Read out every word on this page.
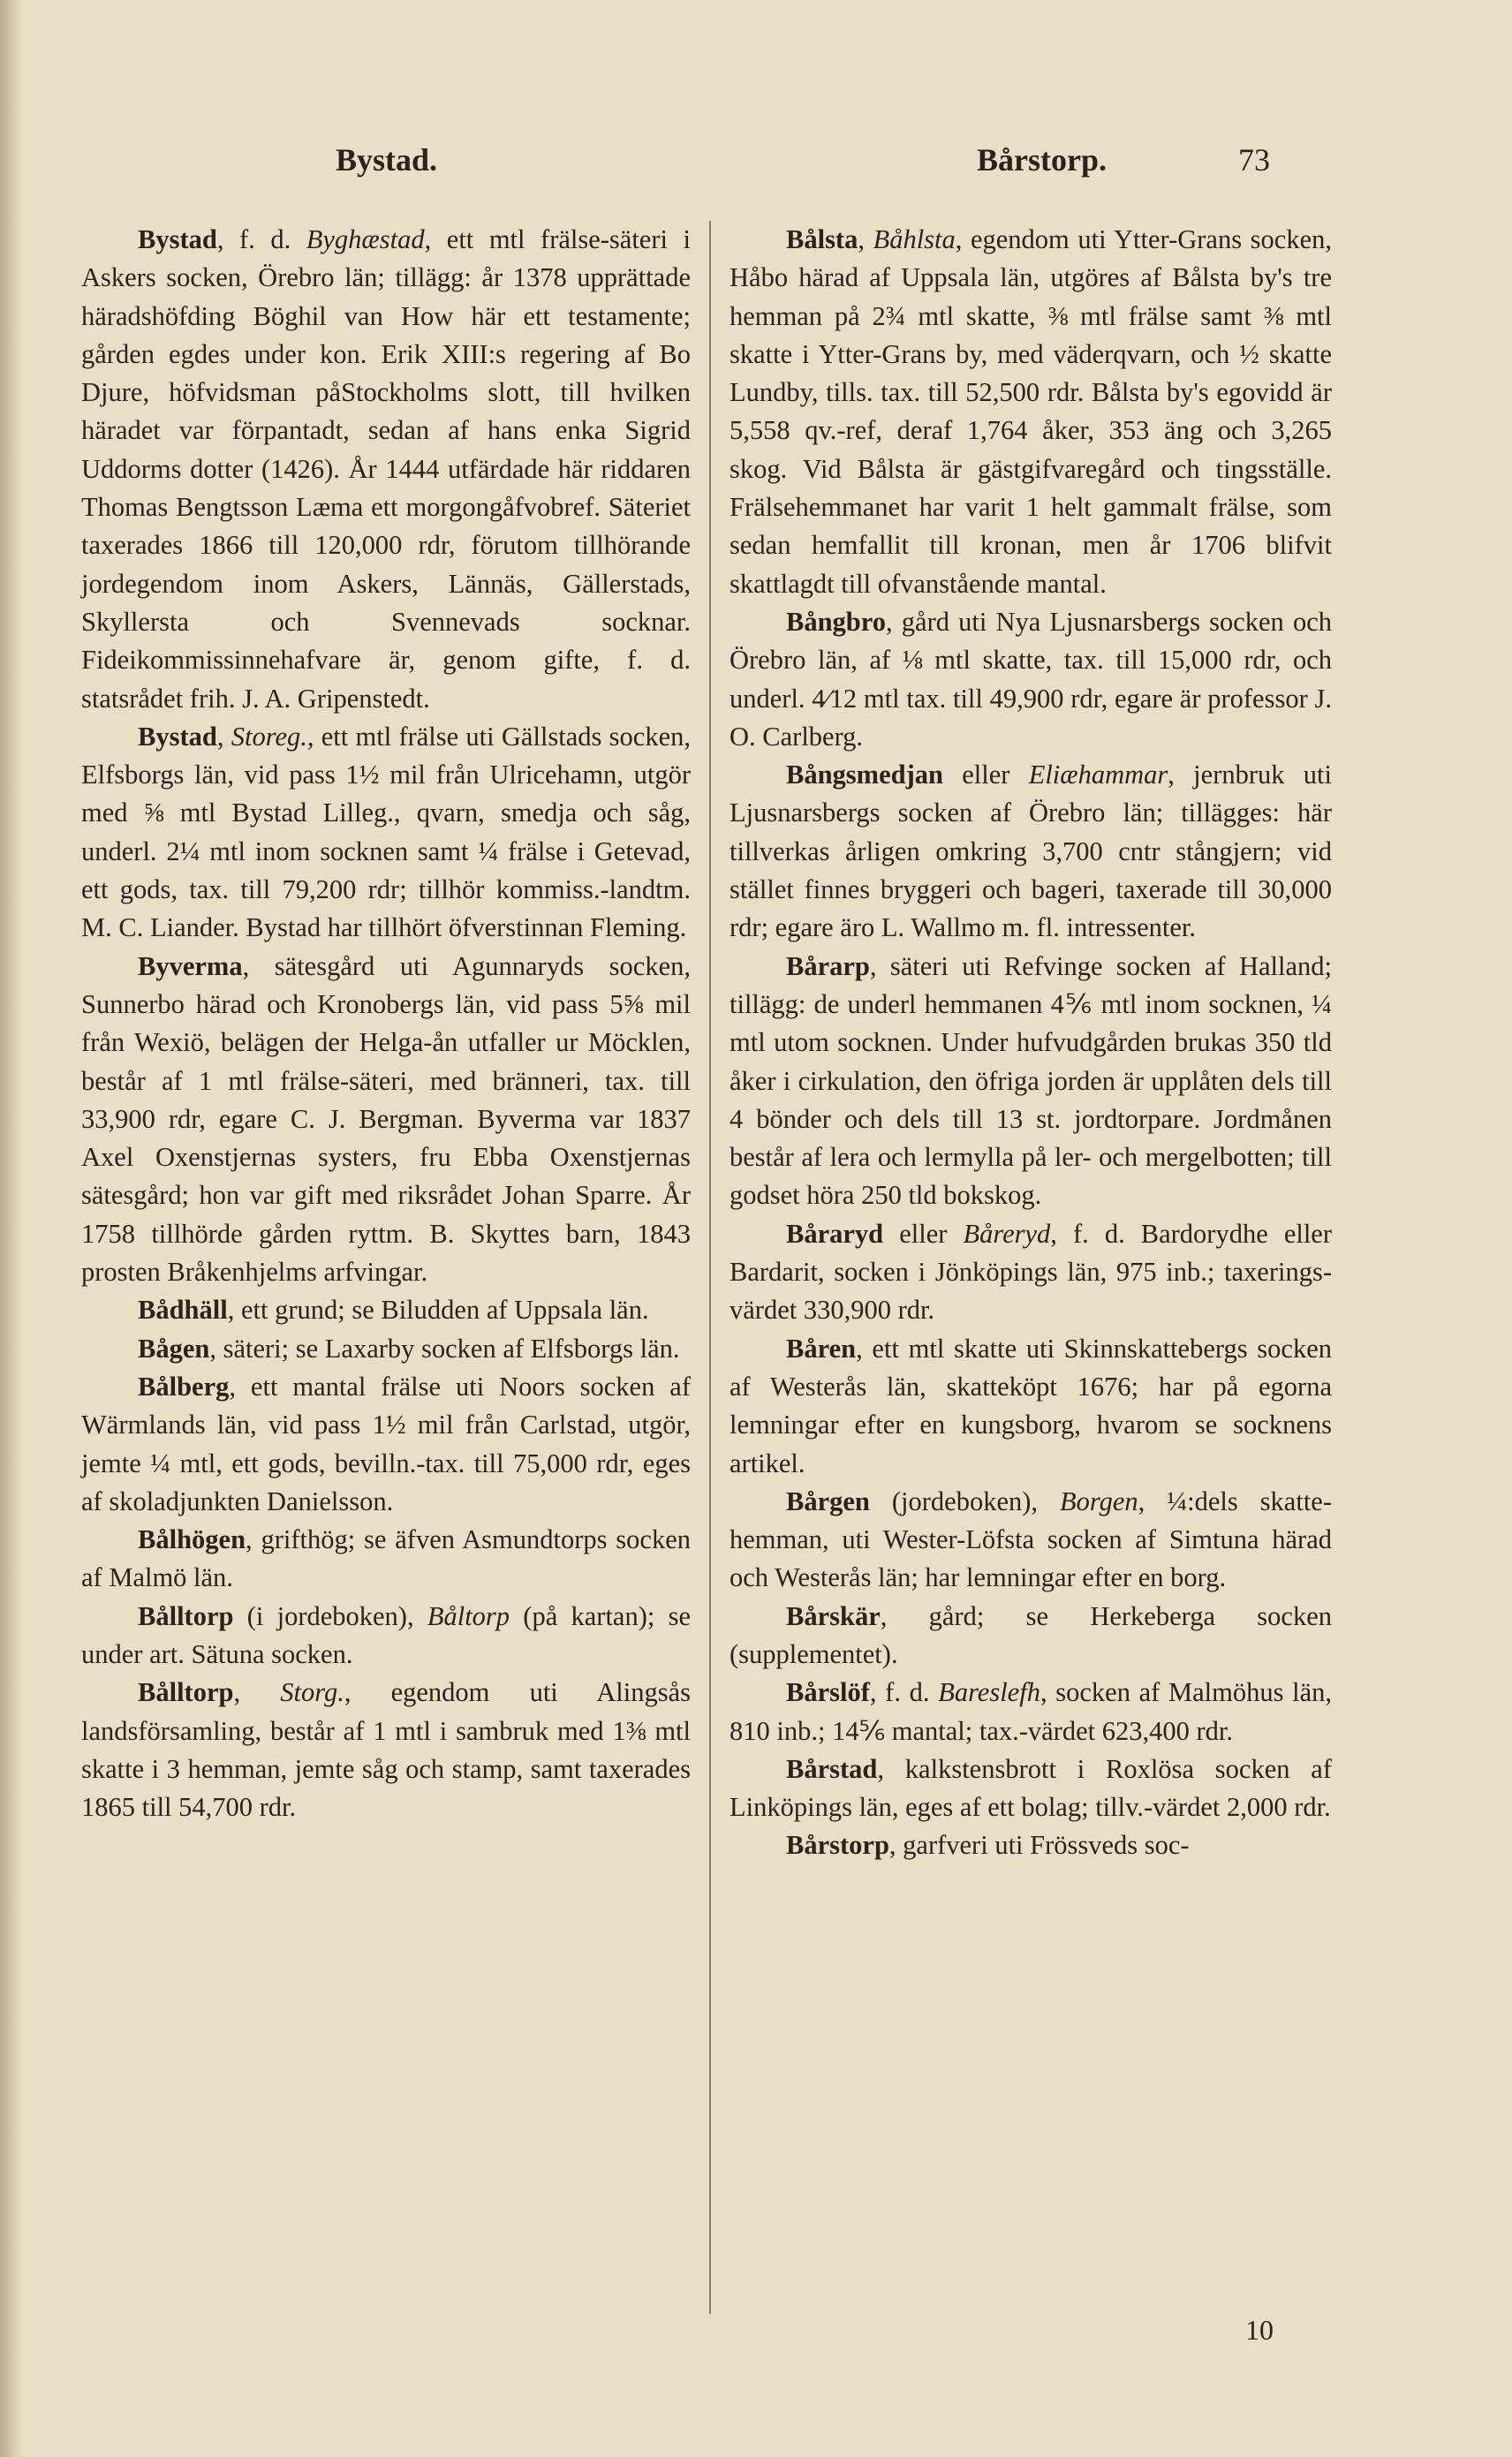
Bystad.	Bårstorp.	73

Bystad, f. d. Byghæstad, ett mtl frälse-säteri i Askers socken, Örebro län; tillägg: år 1378 upprättade häradshöfding Böghil van How här ett testamente; gården egdes under kon. Erik XIII:s regering af Bo Djure, höfvidsman påStockholms slott, till hvilken häradet var förpantadt, sedan af hans enka Sigrid Uddorms dotter (1426). År 1444 utfärdade här riddaren Thomas Bengtsson Læma ett morgongåfvobref. Säteriet taxerades 1866 till 120,000 rdr, förutom tillhörande jordegendom inom Askers, Lännäs, Gällerstads, Skyllersta och Svennevads socknar. Fideikommissinnehafvare är, genom gifte, f. d. statsrådet frih. J. A. Gripenstedt.

Bystad, Storeg., ett mtl frälse uti Gällstads socken, Elfsborgs län, vid pass 1½ mil från Ulricehamn, utgör med ⅝ mtl Bystad Lilleg., qvarn, smedja och såg, underl. 2¼ mtl inom socknen samt ¼ frälse i Getevad, ett gods, tax. till 79,200 rdr; tillhör kommiss.-landtm. M. C. Liander. Bystad har tillhört öfverstinnan Fleming.

Byverma, sätesgård uti Agunnaryds socken, Sunnerbo härad och Kronobergs län, vid pass 5⅝ mil från Wexiö, belägen der Helga-ån utfaller ur Möcklen, består af 1 mtl frälse-säteri, med bränneri, tax. till 33,900 rdr, egare C. J. Bergman. Byverma var 1837 Axel Oxenstjernas systers, fru Ebba Oxenstjernas sätesgård; hon var gift med riksrådet Johan Sparre. År 1758 tillhörde gården ryttm. B. Skyttes barn, 1843 prosten Bråkenhjelms arfvingar.

Bådhäll, ett grund; se Biludden af Uppsala län.

Bågen, säteri; se Laxarby socken af Elfsborgs län.

Bålberg, ett mantal frälse uti Noors socken af Wärmlands län, vid pass 1½ mil från Carlstad, utgör, jemte ¼ mtl, ett gods, bevilln.-tax. till 75,000 rdr, eges af skoladjunkten Danielsson.

Bålhögen, grifthög; se äfven Asmundtorps socken af Malmö län.

Bålltorp (i jordeboken), Båltorp (på kartan); se under art. Sätuna socken.

Bålltorp, Storg., egendom uti Alingsås landsförsamling, består af 1 mtl i sambruk med 1⅜ mtl skatte i 3 hemman, jemte såg och stamp, samt taxerades 1865 till 54,700 rdr.

Bålsta, Båhlsta, egendom uti Ytter-Grans socken, Håbo härad af Uppsala län, utgöres af Bålsta by's tre hemman på 2¾ mtl skatte, ⅜ mtl frälse samt ⅜ mtl skatte i Ytter-Grans by, med väderqvarn, och ½ skatte Lundby, tills. tax. till 52,500 rdr. Bålsta by's egovidd är 5,558 qv.-ref, deraf 1,764 åker, 353 äng och 3,265 skog. Vid Bålsta är gästgifvaregård och tingsställe. Frälsehemmanet har varit 1 helt gammalt frälse, som sedan hemfallit till kronan, men år 1706 blifvit skattlagdt till ofvanstående mantal.

Bångbro, gård uti Nya Ljusnarsbergs socken och Örebro län, af ⅛ mtl skatte, tax. till 15,000 rdr, och underl. 4⁄12 mtl tax. till 49,900 rdr, egare är professor J. O. Carlberg.

Bångsmedjan eller Eliæhammar, jernbruk uti Ljusnarsbergs socken af Örebro län; tillägges: här tillverkas årligen omkring 3,700 cntr stångjern; vid stället finnes bryggeri och bageri, taxerade till 30,000 rdr; egare äro L. Wallmo m. fl. intressenter.

Bårarp, säteri uti Refvinge socken af Halland; tillägg: de underl hemmanen 4⅚ mtl inom socknen, ¼ mtl utom socknen. Under hufvudgården brukas 350 tld åker i cirkulation, den öfriga jorden är upplåten dels till 4 bönder och dels till 13 st. jordtorpare. Jordmånen består af lera och lermylla på ler- och mergelbotten; till godset höra 250 tld bokskog.

Båraryd eller Båreryd, f. d. Bardorydhe eller Bardarit, socken i Jönköpings län, 975 inb.; taxerings-värdet 330,900 rdr.

Båren, ett mtl skatte uti Skinnskattebergs socken af Westerås län, skatteköpt 1676; har på egorna lemningar efter en kungsborg, hvarom se socknens artikel.

Bårgen (jordeboken), Borgen, ¼:dels skatte-hemman, uti Wester-Löfsta socken af Simtuna härad och Westerås län; har lemningar efter en borg.

Bårskär, gård; se Herkeberga socken (supplementet).

Bårslöf, f. d. Bareslefh, socken af Malmöhus län, 810 inb.; 14⅚ mantal; tax.-värdet 623,400 rdr.

Bårstad, kalkstensbrott i Roxlösa socken af Linköpings län, eges af ett bolag; tillv.-värdet 2,000 rdr.

Bårstorp, garfveri uti Frössveds soc-

10
